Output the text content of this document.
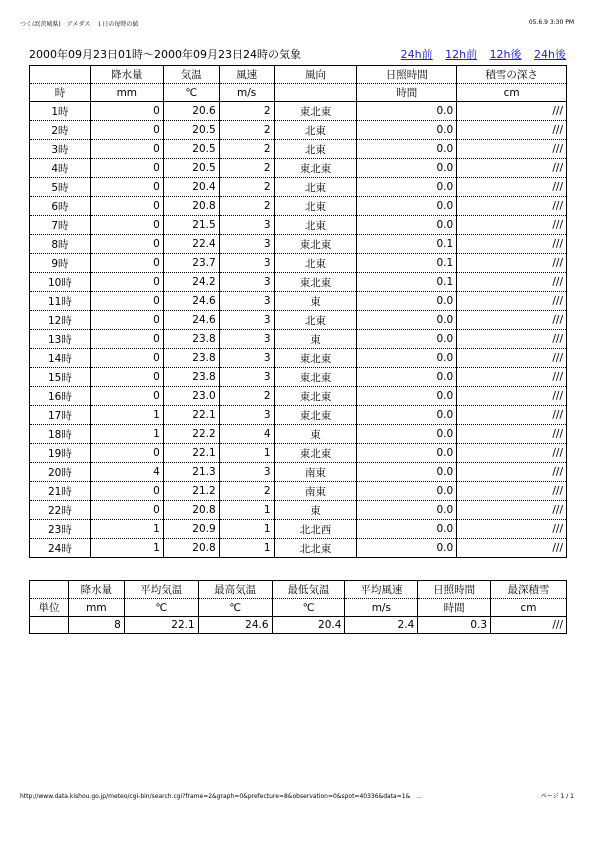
つくば(茨城県)　アメダス　１日の毎時の値	05.6.9 3:30 PM
2000年09月23日01時～2000年09月23日24時の気象	24h前 12h前 12h後 24h後
	降水量	気温	風速	風向	日照時間	積雪の深さ
時	mm	℃	m/s		時間	cm
1時	0	20.6	2	東北東	0.0	///
2時	0	20.5	2	北東	0.0	///
3時	0	20.5	2	北東	0.0	///
4時	0	20.5	2	東北東	0.0	///
5時	0	20.4	2	北東	0.0	///
6時	0	20.8	2	北東	0.0	///
7時	0	21.5	3	北東	0.0	///
8時	0	22.4	3	東北東	0.1	///
9時	0	23.7	3	北東	0.1	///
10時	0	24.2	3	東北東	0.1	///
11時	0	24.6	3	東	0.0	///
12時	0	24.6	3	北東	0.0	///
13時	0	23.8	3	東	0.0	///
14時	0	23.8	3	東北東	0.0	///
15時	0	23.8	3	東北東	0.0	///
16時	0	23.0	2	東北東	0.0	///
17時	1	22.1	3	東北東	0.0	///
18時	1	22.2	4	東	0.0	///
19時	0	22.1	1	東北東	0.0	///
20時	4	21.3	3	南東	0.0	///
21時	0	21.2	2	南東	0.0	///
22時	0	20.8	1	東	0.0	///
23時	1	20.9	1	北北西	0.0	///
24時	1	20.8	1	北北東	0.0	///
	降水量	平均気温	最高気温	最低気温	平均風速	日照時間	最深積雪
単位	mm	℃	℃	℃	m/s	時間	cm
	8	22.1	24.6	20.4	2.4	0.3	///
http://www.data.kishou.go.jp/meteo/cgi-bin/search.cgi?frame=2&graph=0&prefecture=8&observation=0&spot=40336&data=1&　...	ページ 1 / 1
